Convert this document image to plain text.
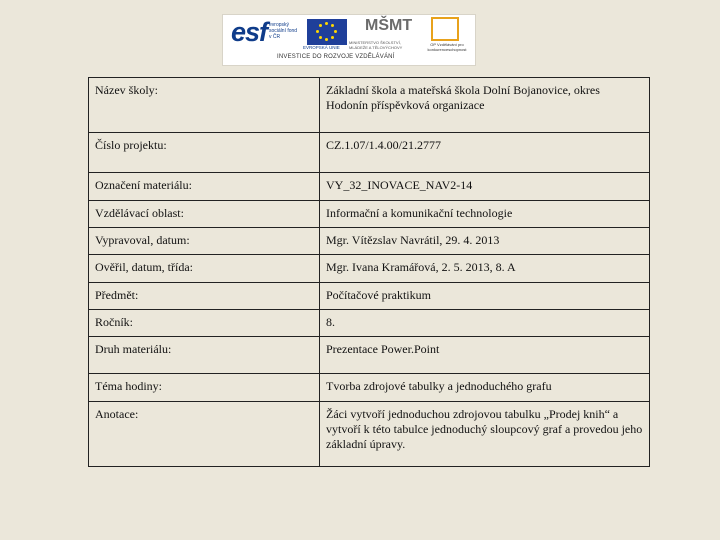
esf evropský sociální fond v ČR
EVROPSKÁ UNIE
MŠMT
MINISTERSTVO ŠKOLSTVÍ, MLÁDEŽE A TĚLOVÝCHOVY
OP Vzdělávání pro konkurenceschopnost
INVESTICE DO ROZVOJE VZDĚLÁVÁNÍ
Název školy:	Základní škola a mateřská škola Dolní Bojanovice, okres Hodonín příspěvková organizace
Číslo projektu:	CZ.1.07/1.4.00/21.2777
Označení materiálu:	VY_32_INOVACE_NAV2-14
Vzdělávací oblast:	Informační a komunikační technologie
Vypravoval, datum:	Mgr. Vítězslav Navrátil, 29. 4. 2013
Ověřil, datum, třída:	Mgr. Ivana Kramářová, 2. 5. 2013, 8. A
Předmět:	Počítačové praktikum
Ročník:	8.
Druh materiálu:	Prezentace Power.Point
Téma hodiny:	Tvorba zdrojové tabulky a jednoduchého grafu
Anotace:	Žáci vytvoří jednoduchou zdrojovou tabulku „Prodej knih“ a vytvoří k této tabulce jednoduchý sloupcový graf a provedou jeho základní úpravy.
